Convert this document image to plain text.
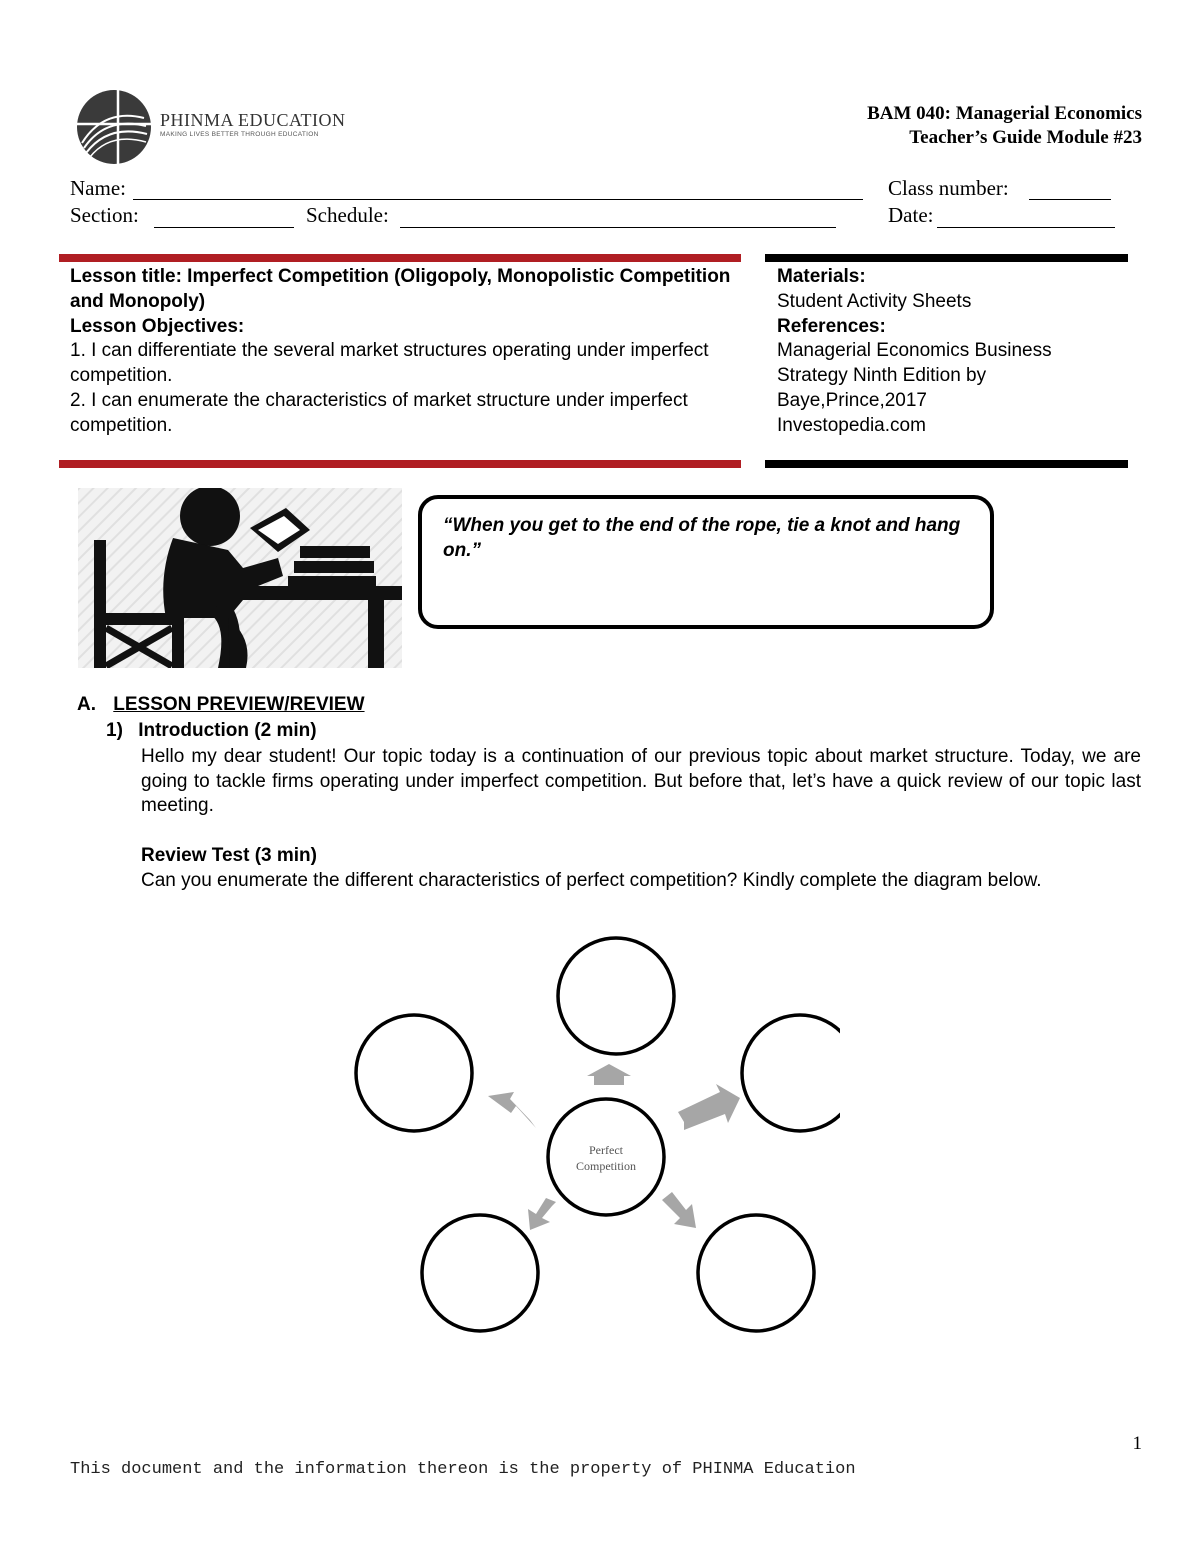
PHINMA EDUCATION
MAKING LIVES BETTER THROUGH EDUCATION
BAM 040: Managerial Economics
Teacher’s Guide Module #23
Name:	Class number:
Section:	Schedule:	Date:
Lesson title: Imperfect Competition (Oligopoly, Monopolistic Competition and Monopoly)
Lesson Objectives:
1. I can differentiate the several market structures operating under imperfect competition.
2. I can enumerate the characteristics of market structure under imperfect competition.
Materials:
Student Activity Sheets
References:
Managerial Economics Business
Strategy Ninth Edition by
Baye,Prince,2017
Investopedia.com
“When you get to the end of the rope, tie a knot and hang on.”
A. LESSON PREVIEW/REVIEW
1) Introduction (2 min)
Hello my dear student! Our topic today is a continuation of our previous topic about market structure. Today, we are going to tackle firms operating under imperfect competition. But before that, let’s have a quick review of our topic last meeting.
Review Test (3 min)
Can you enumerate the different characteristics of perfect competition? Kindly complete the diagram below.
Perfect
Competition
1
This document and the information thereon is the property of PHINMA Education
